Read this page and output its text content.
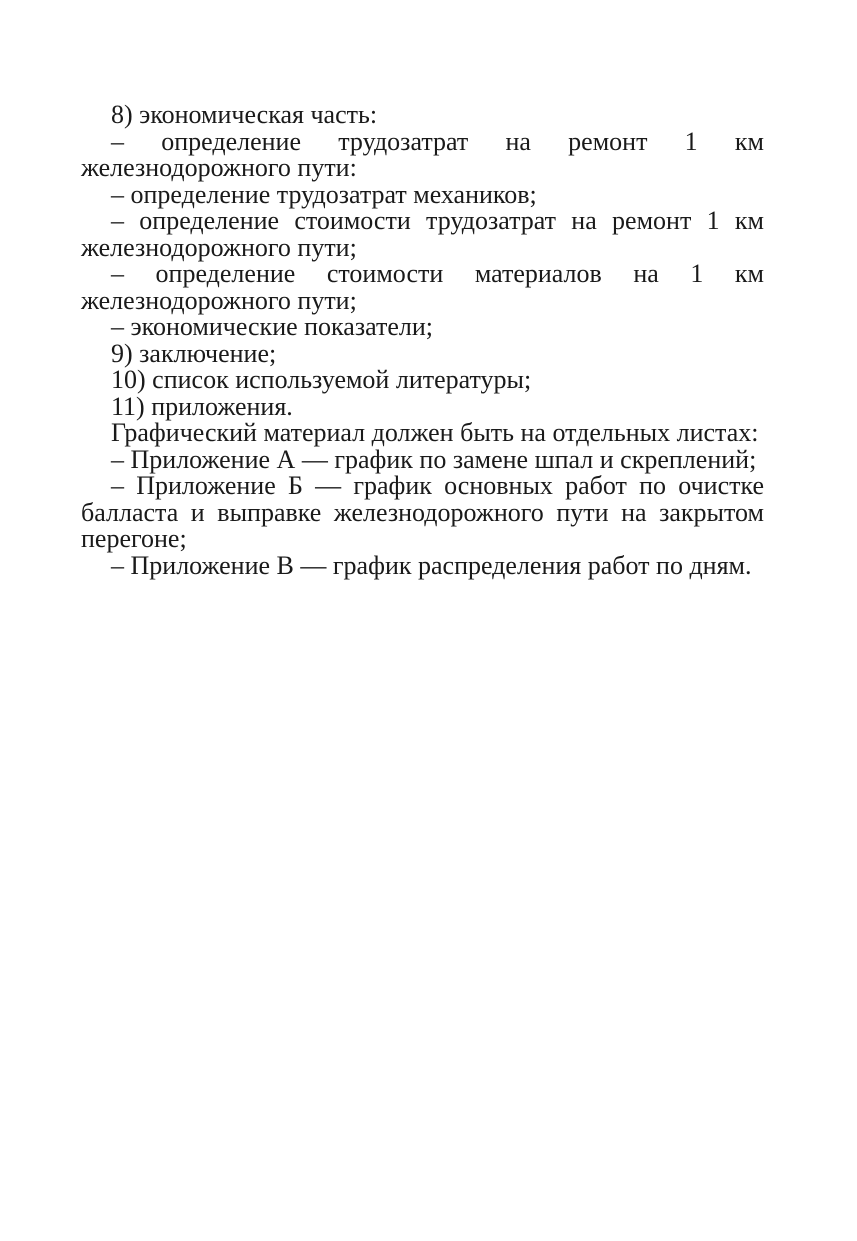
8) экономическая часть:

– определение трудозатрат на ремонт 1 км железнодорожного пути:

– определение трудозатрат механиков;

– определение стоимости трудозатрат на ремонт 1 км железнодорожного пути;

– определение стоимости материалов на 1 км железнодорожного пути;

– экономические показатели;

9) заключение;

10) список используемой литературы;

11) приложения.

Графический материал должен быть на отдельных листах:

– Приложение А — график по замене шпал и скреплений;

– Приложение Б — график основных работ по очистке балласта и выправке железнодорожного пути на закрытом перегоне;

– Приложение В — график распределения работ по дням.
